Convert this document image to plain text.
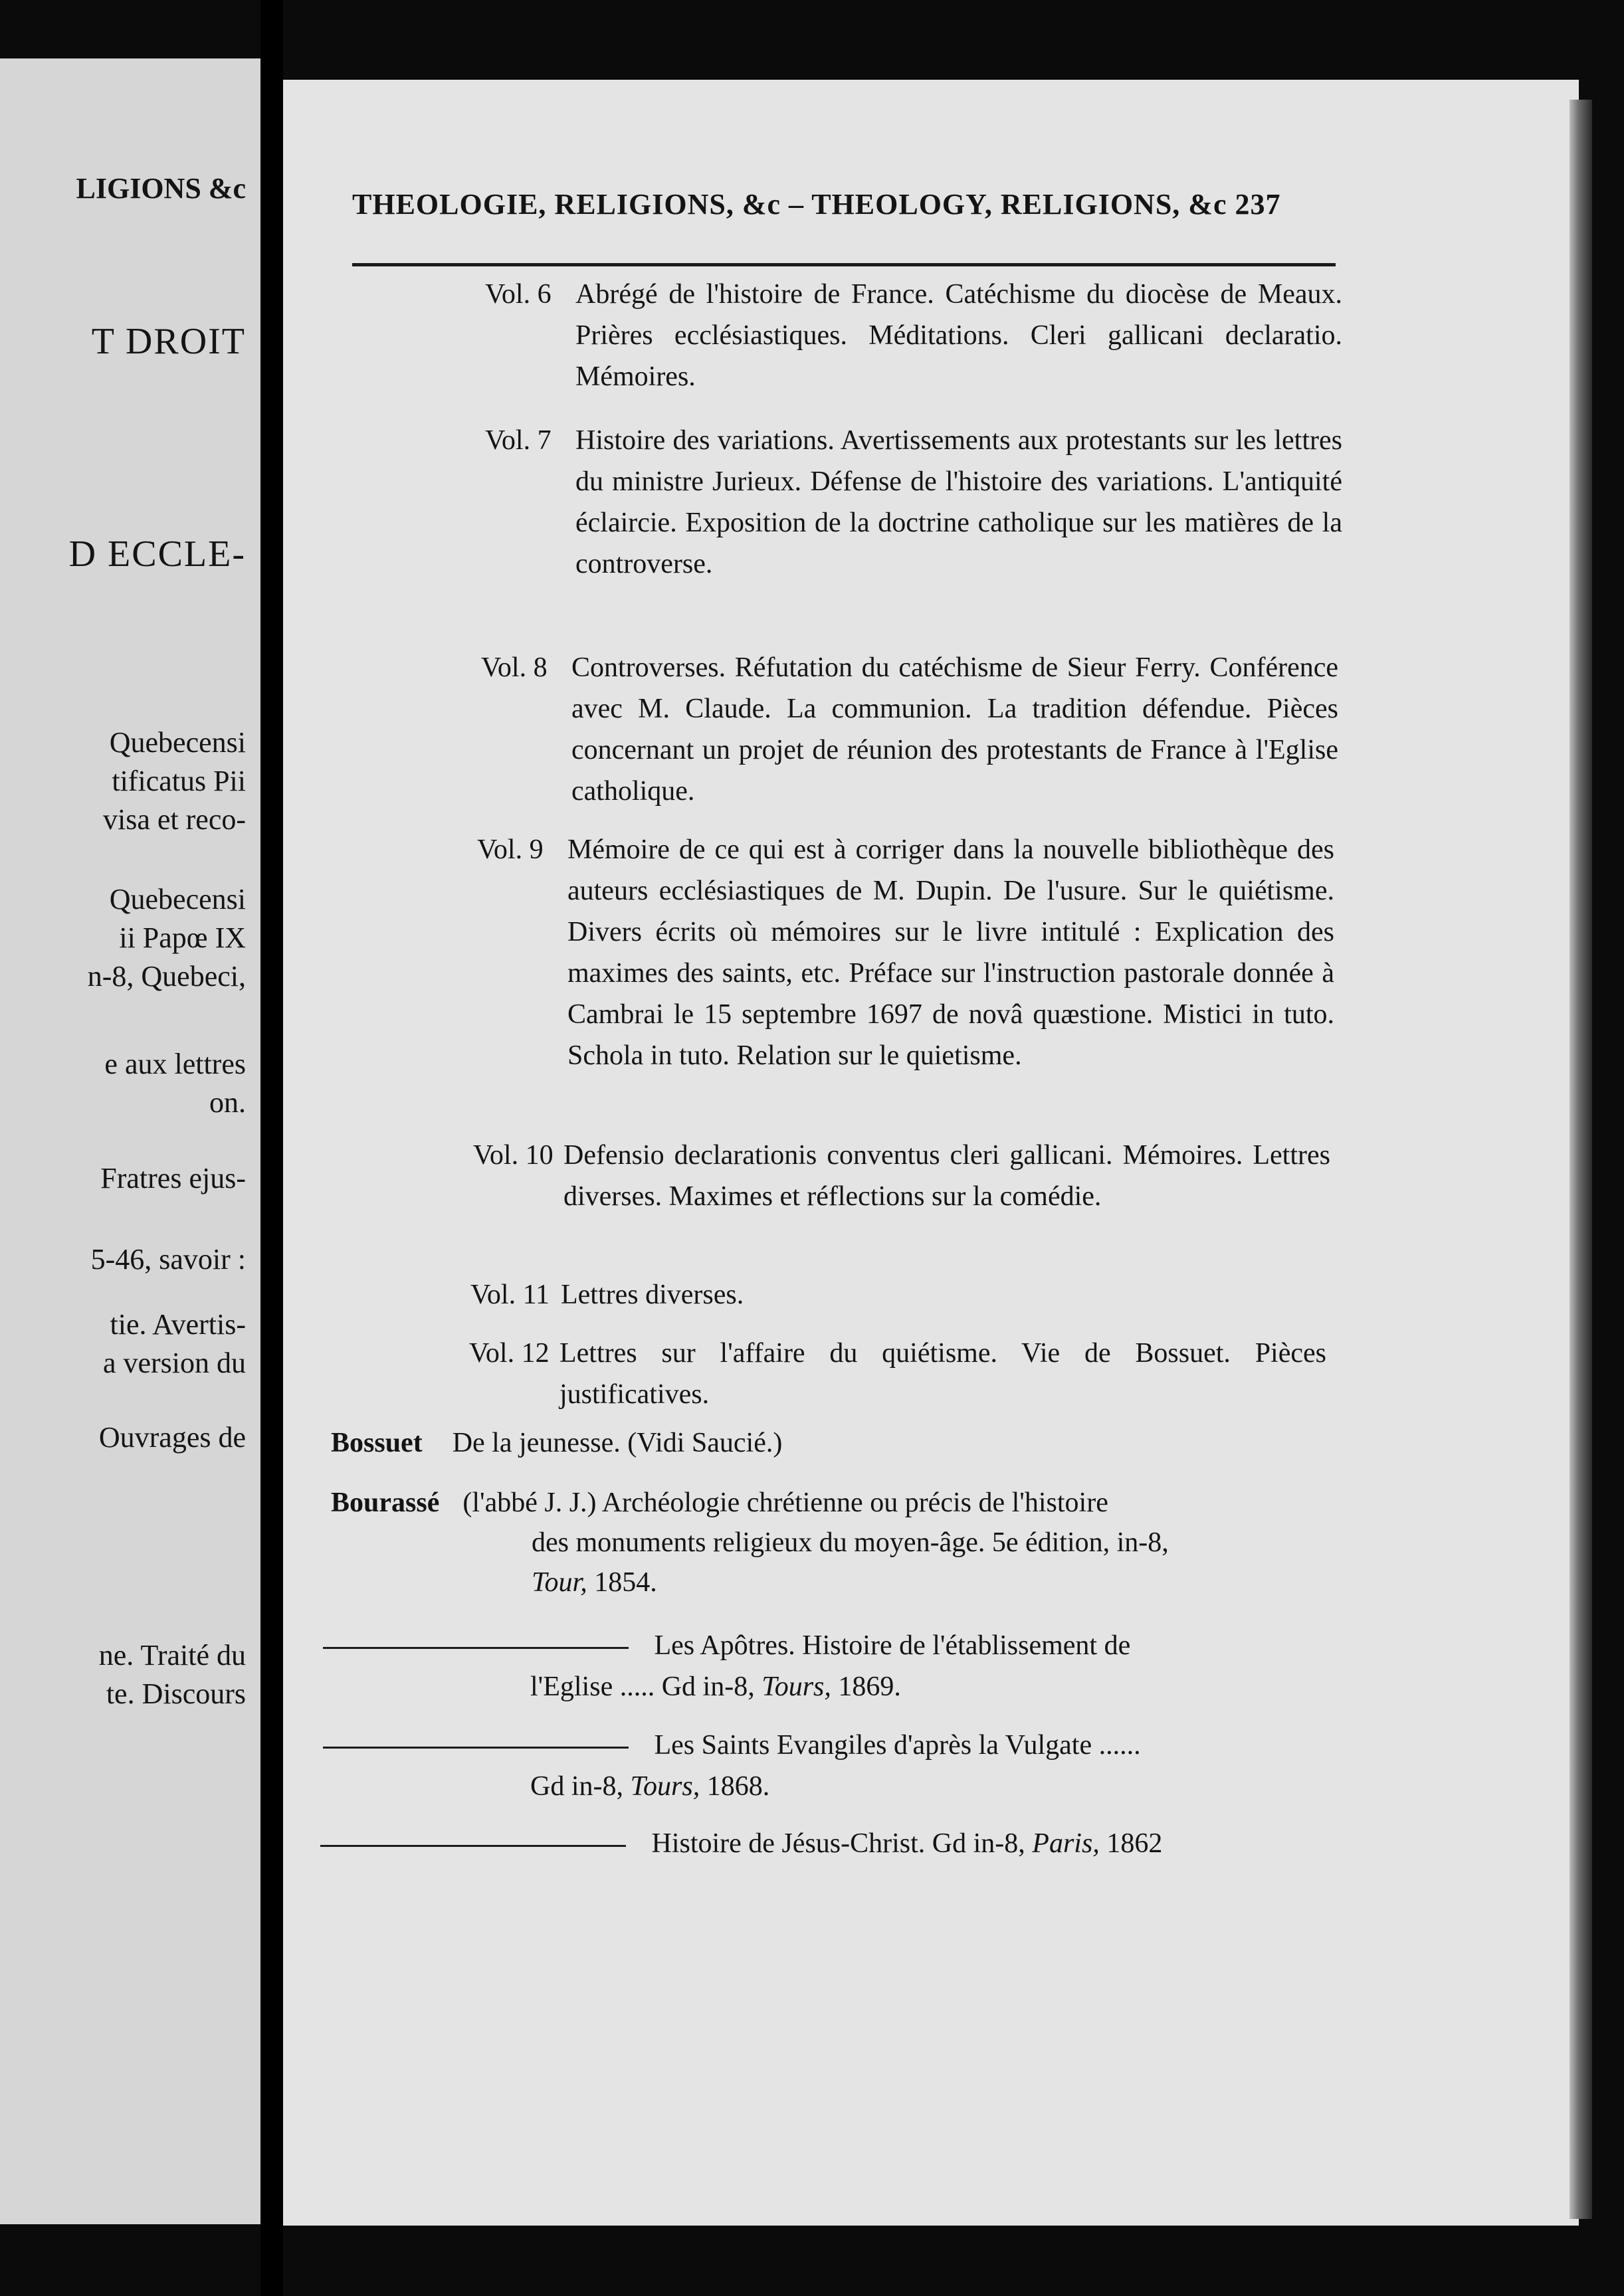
LIGIONS &c
T DROIT
D ECCLE-
Quebecensi
tificatus Pii
visa et reco-
Quebecensi
ii Papœ IX
n-8, Quebeci,
e aux lettres
on.
Fratres ejus-
5-46, savoir :
tie. Avertis-
a version du
Ouvrages de
ne. Traité du
te. Discours
THEOLOGIE, RELIGIONS, &c – THEOLOGY, RELIGIONS, &c 237
Vol. 6 Abrégé de l'histoire de France. Catéchisme du diocèse de Meaux. Prières ecclésiastiques. Méditations. Cleri gallicani declaratio. Mémoires.
Vol. 7 Histoire des variations. Avertissements aux protestants sur les lettres du ministre Jurieux. Défense de l'histoire des variations. L'antiquité éclaircie. Exposition de la doctrine catholique sur les matières de la controverse.
Vol. 8 Controverses. Réfutation du catéchisme de Sieur Ferry. Conférence avec M. Claude. La communion. La tradition défendue. Pièces concernant un projet de réunion des protestants de France à l'Eglise catholique.
Vol. 9 Mémoire de ce qui est à corriger dans la nouvelle bibliothèque des auteurs ecclésiastiques de M. Dupin. De l'usure. Sur le quiétisme. Divers écrits où mémoires sur le livre intitulé : Explication des maximes des saints, etc. Préface sur l'instruction pastorale donnée à Cambrai le 15 septembre 1697 de novâ quæstione. Mistici in tuto. Schola in tuto. Relation sur le quietisme.
Vol. 10 Defensio declarationis conventus cleri gallicani. Mémoires. Lettres diverses. Maximes et réflections sur la comédie.
Vol. 11 Lettres diverses.
Vol. 12 Lettres sur l'affaire du quiétisme. Vie de Bossuet. Pièces justificatives.
Bossuet De la jeunesse. (Vidi Saucié.)
Bourassé (l'abbé J. J.) Archéologie chrétienne ou précis de l'histoire
des monuments religieux du moyen-âge. 5e édition, in-8,
Tour, 1854.
Les Apôtres. Histoire de l'établissement de
l'Eglise ..... Gd in-8, Tours, 1869.
Les Saints Evangiles d'après la Vulgate ......
Gd in-8, Tours, 1868.
Histoire de Jésus-Christ. Gd in-8, Paris, 1862
